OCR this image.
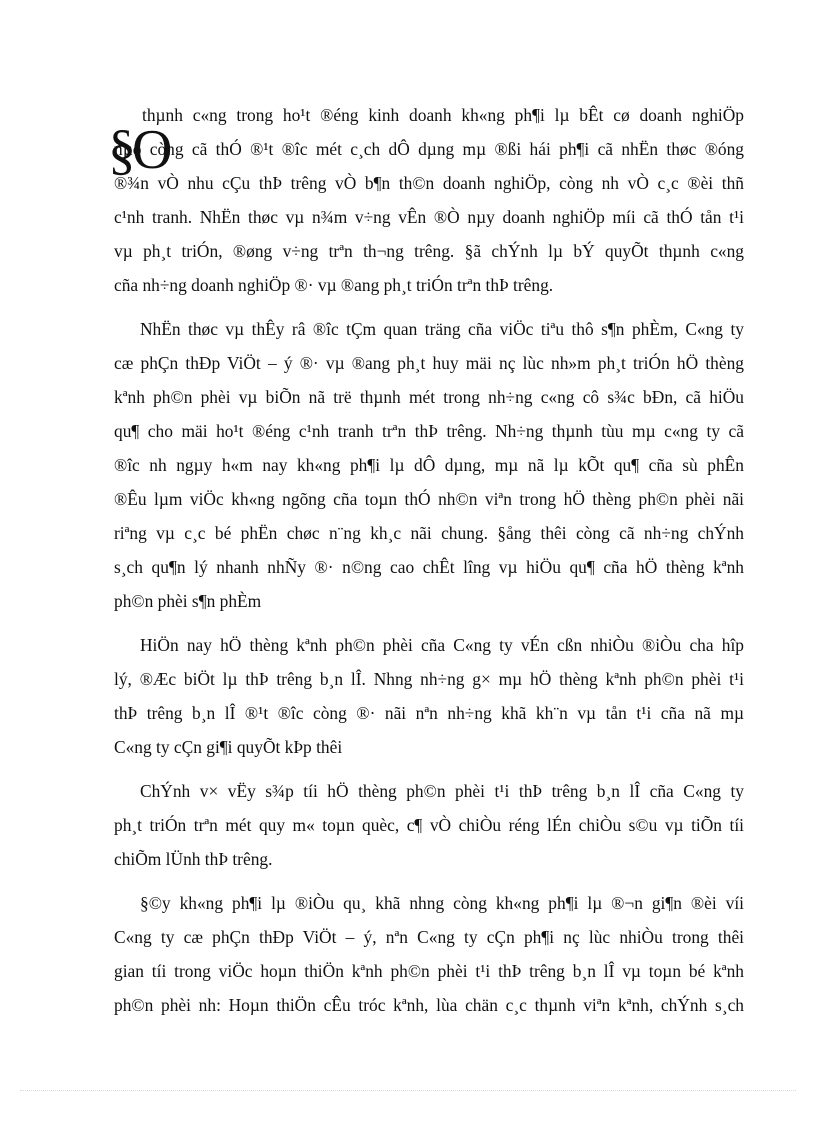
§O
thµnh c«ng trong ho¹t ®éng kinh doanh kh«ng ph¶i lµ bÊt cø doanh nghiÖp
nµo còng cã thÓ ®¹t ®îc mét c¸ch dÔ dµng mµ ®ßi hái ph¶i cã nhËn thøc ®óng
®¾n vÒ nhu cÇu thÞ trêng vÒ b¶n th©n doanh nghiÖp, còng nh vÒ c¸c ®èi thñ
c¹nh tranh. NhËn thøc vµ n¾m v÷ng vÊn ®Ò nµy doanh nghiÖp míi cã thÓ tån t¹i
vµ ph¸t triÓn, ®øng v÷ng trªn th¬ng trêng. §ã chÝnh lµ bÝ quyÕt thµnh c«ng
cña nh÷ng doanh nghiÖp ®· vµ ®ang ph¸t triÓn trªn thÞ trêng.
NhËn thøc vµ thÊy râ ®îc tÇm quan träng cña viÖc tiªu thô s¶n phÈm, C«ng ty
cæ phÇn thÐp ViÖt – ý ®· vµ ®ang ph¸t huy mäi nç lùc nh»m ph¸t triÓn hÖ thèng
kªnh ph©n phèi vµ biÕn nã trë thµnh mét trong nh÷ng c«ng cô s¾c bÐn, cã hiÖu
qu¶ cho mäi ho¹t ®éng c¹nh tranh trªn thÞ trêng. Nh÷ng thµnh tùu mµ c«ng ty cã
®îc nh ngµy h«m nay kh«ng ph¶i lµ dÔ dµng, mµ nã lµ kÕt qu¶ cña sù phÊn
®Êu lµm viÖc kh«ng ngõng cña toµn thÓ nh©n viªn trong hÖ thèng ph©n phèi nãi
riªng vµ c¸c bé phËn chøc n¨ng kh¸c nãi chung. §ång thêi còng cã nh÷ng chÝnh
s¸ch qu¶n lý nhanh nhÑy ®· n©ng cao chÊt lîng vµ hiÖu qu¶ cña hÖ thèng kªnh
ph©n phèi s¶n phÈm
HiÖn nay hÖ thèng kªnh ph©n phèi cña C«ng ty vÉn cßn nhiÒu ®iÒu cha hîp
lý, ®Æc biÖt lµ thÞ trêng b¸n lÎ. Nhng nh÷ng g× mµ hÖ thèng kªnh ph©n phèi t¹i
thÞ trêng b¸n lÎ ®¹t ®îc còng ®· nãi nªn nh÷ng khã kh¨n vµ tån t¹i cña nã mµ
C«ng ty cÇn gi¶i quyÕt kÞp thêi
ChÝnh v× vËy s¾p tíi hÖ thèng ph©n phèi t¹i thÞ trêng b¸n lÎ cña C«ng ty
ph¸t triÓn trªn mét quy m« toµn quèc, c¶ vÒ chiÒu réng lÉn chiÒu s©u vµ tiÕn tíi
chiÕm lÜnh thÞ trêng.
§©y kh«ng ph¶i lµ ®iÒu qu¸ khã nhng còng kh«ng ph¶i lµ ®¬n gi¶n ®èi víi
C«ng ty cæ phÇn thÐp ViÖt – ý, nªn C«ng ty cÇn ph¶i nç lùc nhiÒu trong thêi
gian tíi trong viÖc hoµn thiÖn kªnh ph©n phèi t¹i thÞ trêng b¸n lÎ vµ toµn bé kªnh
ph©n phèi nh: Hoµn thiÖn cÊu tróc kªnh, lùa chän c¸c thµnh viªn kªnh, chÝnh s¸ch
